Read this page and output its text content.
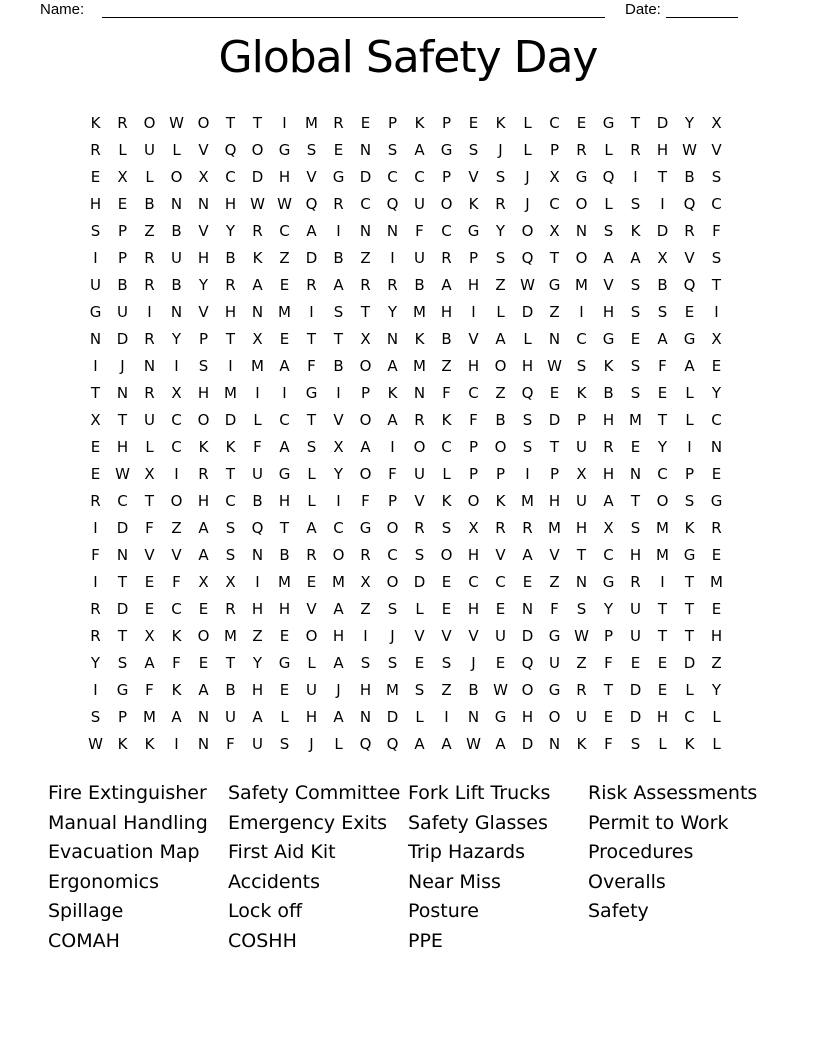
Name:	Date:
Global Safety Day
K	R	O W O	T	T	I	M	R	E	P	K	P	E	K	L	C	E	G	T	D	Y	X
R	L	U	L	V	Q	O	G	S	E	N	S	A	G	S	J	L	P	R	L	R	H W V
E	X	L	O	X	C	D	H	V	G	D	C	C	P	V	S	J	X	G	Q	I	T	B	S
H	E	B	N	N	H W W Q	R	C	Q	U	O	K	R	J	C	O	L	S	I	Q	C
S	P	Z	B	V	Y	R	C	A	I	N	N	F	C	G	Y	O	X	N	S	K	D	R	F
I	P	R	U	H	B	K	Z	D	B	Z	I	U	R	P	S	Q	T	O	A	A	X	V	S
U	B	R	B	Y	R	A	E	R	A	R	R	B	A	H	Z W G M	V	S	B	Q	T
G	U	I	N	V	H	N M	I	S	T	Y	M H	I	L	D	Z	I	H	S	S	E	I
N	D	R	Y	P	T	X	E	T	T	X	N	K	B	V	A	L	N	C	G	E	A	G	X
I	J	N	I	S	I	M	A	F	B	O	A	M	Z	H	O	H W S	K	S	F	A	E
T	N	R	X	H M	I	I	G	I	P	K	N	F	C	Z	Q	E	K	B	S	E	L	Y
X	T	U	C	O	D	L	C	T	V	O	A	R	K	F	B	S	D	P	H M	T	L	C
E	H	L	C	K	K	F	A	S	X	A	I	O	C	P	O	S	T	U	R	E	Y	I	N
E W X	I	R	T	U	G	L	Y	O	F	U	L	P	P	I	P	X	H	N	C	P	E
R	C	T	O	H	C	B	H	L	I	F	P	V	K	O	K	M H	U	A	T	O	S	G
I	D	F	Z	A	S	Q	T	A	C	G	O	R	S	X	R	R	M H	X	S	M	K	R
F	N	V	V	A	S	N	B	R	O	R	C	S	O	H	V	A	V	T	C	H M G	E
I	T	E	F	X	X	I	M	E	M	X	O	D	E	C	C	E	Z	N	G	R	I	T	M
R	D	E	C	E	R	H	H	V	A	Z	S	L	E	H	E	N	F	S	Y	U	T	T	E
R	T	X	K	O M	Z	E	O	H	I	J	V	V	V	U	D	G W	P	U	T	T	H
Y	S	A	F	E	T	Y	G	L	A	S	S	E	S	J	E	Q	U	Z	F	E	E	D	Z
I	G	F	K	A	B	H	E	U	J	H M	S	Z	B W O	G	R	T	D	E	L	Y
S	P	M	A	N	U	A	L	H	A	N	D	L	I	N	G	H	O	U	E	D	H	C	L
W K	K	I	N	F	U	S	J	L	Q	Q	A	A W A	D	N	K	F	S	L	K	L
Fire Extinguisher
Manual Handling
Evacuation Map
Ergonomics
Spillage
COMAH
Safety Committee
Emergency Exits
First Aid Kit
Accidents
Lock off
COSHH
Fork Lift Trucks
Safety Glasses
Trip Hazards
Near Miss
Posture
PPE
Risk Assessments
Permit to Work
Procedures
Overalls
Safety
